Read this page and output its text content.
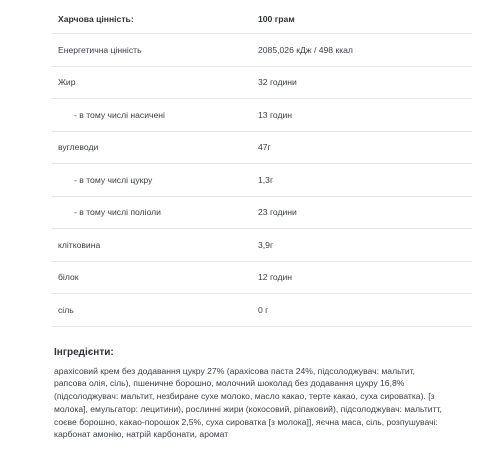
Харчова цінність:	100 грам
Енергетична цінність	2085,026 кДж / 498 ккал
Жир	32 години
- в тому числі насичені	13 годин
вуглеводи	47г
- в тому числі цукру	1,3г
- в тому числі поліоли	23 години
клітковина	3,9г
білок	12 годин
сіль	0 г
Інгредієнти:

арахісовий крем без додавання цукру 27% (арахісова паста 24%, підсолоджувач: мальтит, рапсова олія, сіль), пшеничне борошно, молочний шоколад без додавання цукру 16,8% (підсолоджувач: мальтит, незбиране сухе молоко, масло какао, терте какао, суха сироватка). [з молока], емульгатор: лецитини), рослинні жири (кокосовий, ріпаковий), підсолоджувач: мальтитт, соєве борошно, какао-порошок 2,5%, суха сироватка [з молока]], яєчна маса, сіль, розпушувачі: карбонат амонію, натрій карбонати, аромат
